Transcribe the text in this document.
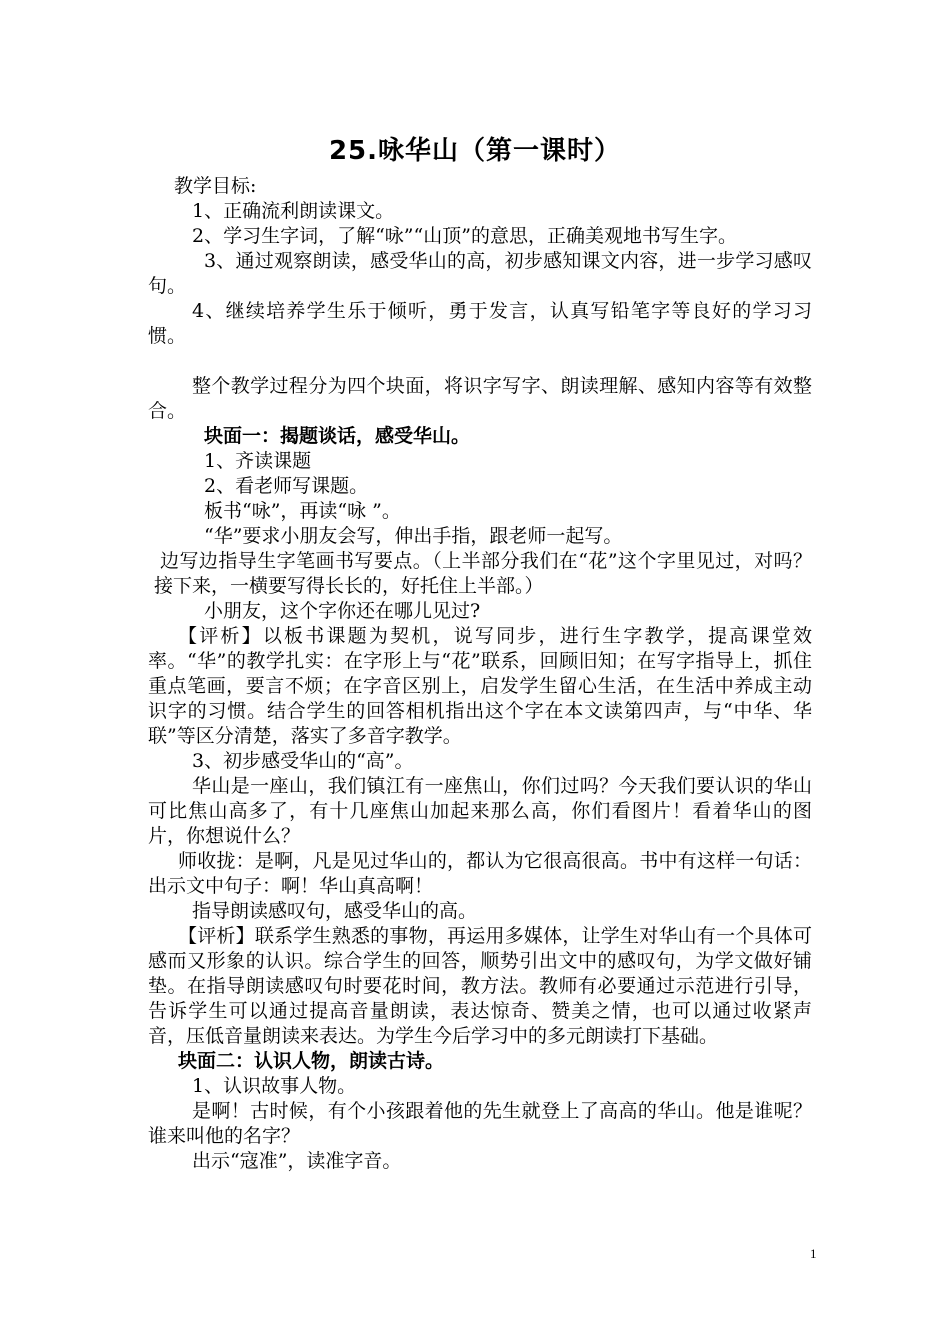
25.咏华山（第一课时）

教学目标:

1、正确流利朗读课文。

2、学习生字词，了解“咏”“山顶”的意思，正确美观地书写生字。

3、通过观察朗读，感受华山的高，初步感知课文内容，进一步学习感叹句。

4、继续培养学生乐于倾听，勇于发言，认真写铅笔字等良好的学习习惯。

整个教学过程分为四个块面，将识字写字、朗读理解、感知内容等有效整合。

块面一：揭题谈话，感受华山。

1、齐读课题

2、看老师写课题。

板书“咏”，再读“咏 ”。

“华”要求小朋友会写，伸出手指，跟老师一起写。

边写边指导生字笔画书写要点。（上半部分我们在“花”这个字里见过，对吗？接下来，一横要写得长长的，好托住上半部。）

小朋友，这个字你还在哪儿见过?

【评析】以板书课题为契机，说写同步，进行生字教学，提高课堂效率。“华”的教学扎实：在字形上与“花”联系，回顾旧知；在写字指导上，抓住重点笔画，要言不烦；在字音区别上，启发学生留心生活，在生活中养成主动识字的习惯。结合学生的回答相机指出这个字在本文读第四声，与“中华、华联”等区分清楚，落实了多音字教学。

3、初步感受华山的“高”。

华山是一座山，我们镇江有一座焦山，你们过吗？今天我们要认识的华山可比焦山高多了，有十几座焦山加起来那么高，你们看图片！看着华山的图片，你想说什么？

师收拢：是啊，凡是见过华山的，都认为它很高很高。书中有这样一句话：出示文中句子：啊！华山真高啊！

指导朗读感叹句，感受华山的高。

【评析】联系学生熟悉的事物，再运用多媒体，让学生对华山有一个具体可感而又形象的认识。综合学生的回答，顺势引出文中的感叹句，为学文做好铺垫。在指导朗读感叹句时要花时间，教方法。教师有必要通过示范进行引导，告诉学生可以通过提高音量朗读，表达惊奇、赞美之情，也可以通过收紧声音，压低音量朗读来表达。为学生今后学习中的多元朗读打下基础。

块面二：认识人物，朗读古诗。

1、认识故事人物。

是啊！古时候，有个小孩跟着他的先生就登上了高高的华山。他是谁呢？谁来叫他的名字？

出示“寇准”，读准字音。

1
